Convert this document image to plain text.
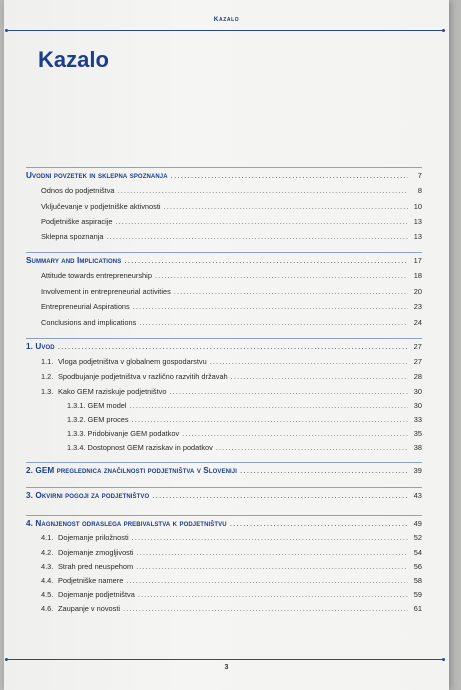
Kazalo
Kazalo
Uvodni povzetek in sklepna spoznanja .....	7
Odnos do podjetništva .....	8
Vključevanje v podjetniške aktivnosti .....	10
Podjetniške aspiracije .....	13
Sklepna spoznanja .....	13
Summary and Implications .....	17
Attitude towards entrepreneurship .....	18
Involvement in entrepreneurial activities .....	20
Entrepreneurial Aspirations .....	23
Conclusions and implications .....	24
1. Uvod .....	27
1.1. Vloga podjetništva v globalnem gospodarstvu .....	27
1.2. Spodbujanje podjetništva v različno razvitih državah .....	28
1.3. Kako GEM raziskuje podjetništvo .....	30
1.3.1. GEM model .....	30
1.3.2. GEM proces .....	33
1.3.3. Pridobivanje GEM podatkov .....	35
1.3.4. Dostopnost GEM raziskav in podatkov .....	38
2. GEM preglednica značilnosti podjetništva v Sloveniji .....	39
3. Okvirni pogoji za podjetništvo .....	43
4. Nagnjenost odraslega prebivalstva k podjetništvu .....	49
4.1. Dojemanje priložnosti .....	52
4.2. Dojemanje zmogljivosti .....	54
4.3. Strah pred neuspehom .....	56
4.4. Podjetniške namere .....	58
4.5. Dojemanje podjetništva .....	59
4.6. Zaupanje v novosti .....	61
3
